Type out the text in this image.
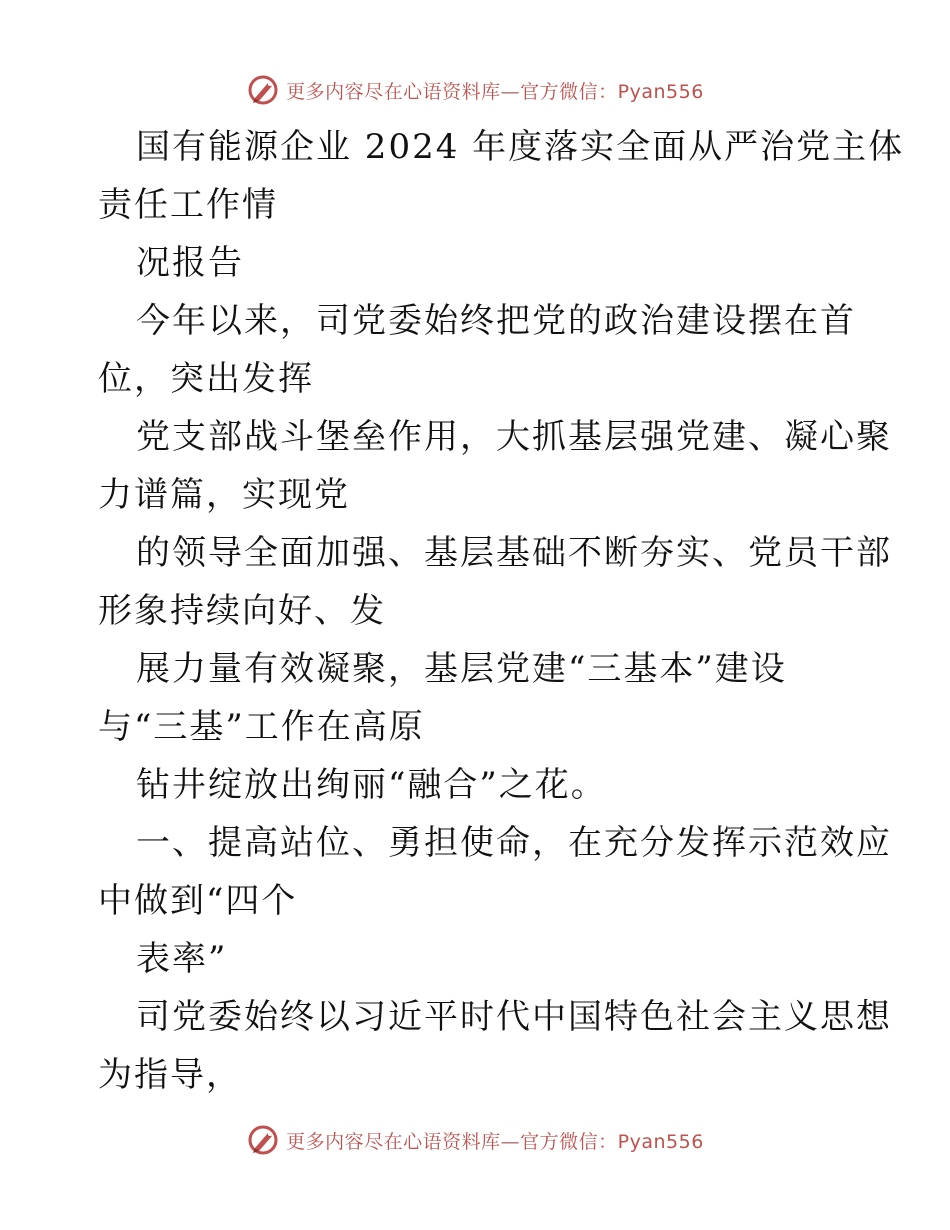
更多内容尽在心语资料库—官方微信：Pyan556
国有能源企业 2024 年度落实全面从严治党主体
责任工作情
况报告
今年以来，司党委始终把党的政治建设摆在首
位，突出发挥
党支部战斗堡垒作用，大抓基层强党建、凝心聚
力谱篇，实现党
的领导全面加强、基层基础不断夯实、党员干部
形象持续向好、发
展力量有效凝聚，基层党建“三基本”建设
与“三基”工作在高原
钻井绽放出绚丽“融合”之花。
一、提高站位、勇担使命，在充分发挥示范效应
中做到“四个
表率”
司党委始终以习近平时代中国特色社会主义思想
为指导，
更多内容尽在心语资料库—官方微信：Pyan556
